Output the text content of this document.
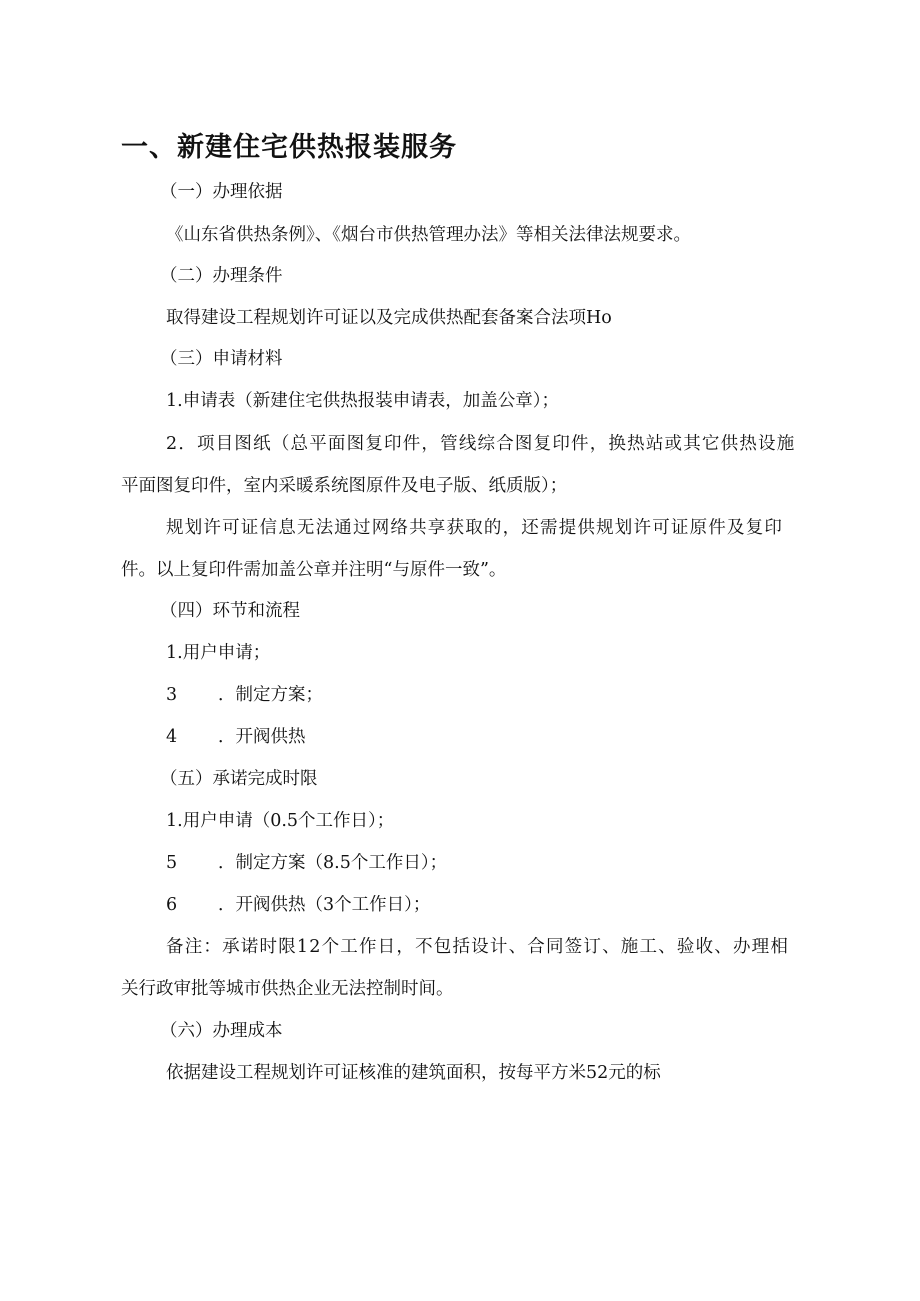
一、新建住宅供热报装服务
（一）办理依据
《山东省供热条例》、《烟台市供热管理办法》等相关法律法规要求。
（二）办理条件
取得建设工程规划许可证以及完成供热配套备案合法项Ho
（三）申请材料
1.申请表（新建住宅供热报装申请表，加盖公章）；
2．项目图纸（总平面图复印件，管线综合图复印件，换热站或其它供热设施
平面图复印件，室内采暖系统图原件及电子版、纸质版）；
规划许可证信息无法通过网络共享获取的，还需提供规划许可证原件及复印
件。以上复印件需加盖公章并注明“与原件一致”。
（四）环节和流程
1.用户申请；
3 ．制定方案；
4 ．开阀供热
（五）承诺完成时限
1.用户申请（0.5个工作日）；
5 ．制定方案（8.5个工作日）；
6 ．开阀供热（3个工作日）；
备注：承诺时限12个工作日，不包括设计、合同签订、施工、验收、办理相
关行政审批等城市供热企业无法控制时间。
（六）办理成本
依据建设工程规划许可证核准的建筑面积，按每平方米52元的标
